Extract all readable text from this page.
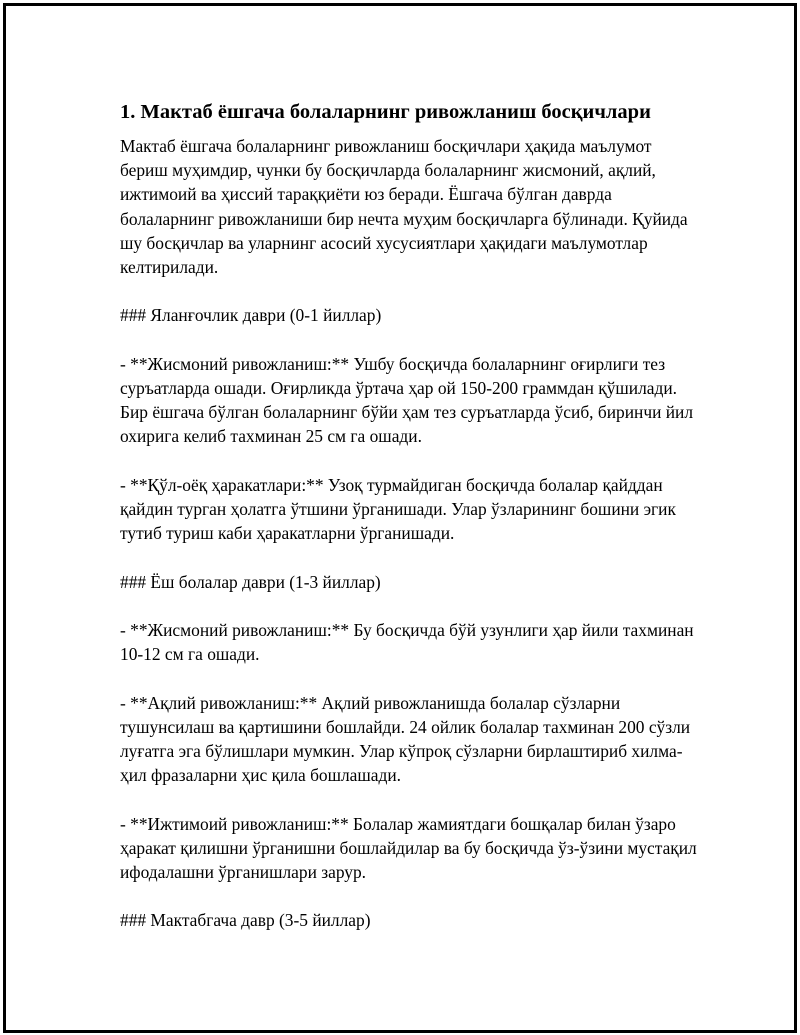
1. Мактаб ёшгача болаларнинг ривожланиш босқичлари

Мактаб ёшгача болаларнинг ривожланиш босқичлари ҳақида маълумот бериш муҳимдир, чунки бу босқичларда болаларнинг жисмоний, ақлий, ижтимоий ва ҳиссий тараққиёти юз беради. Ёшгача бўлган даврда болаларнинг ривожланиши бир нечта муҳим босқичларга бўлинади. Қуйида шу босқичлар ва уларнинг асосий хусусиятлари ҳақидаги маълумотлар келтирилади.

### Яланғочлик даври (0-1 йиллар)

- **Жисмоний ривожланиш:** Ушбу босқичда болаларнинг оғирлиги тез суръатларда ошади. Оғирликда ўртача ҳар ой 150-200 граммдан қўшилади. Бир ёшгача бўлган болаларнинг бўйи ҳам тез суръатларда ўсиб, биринчи йил охирига келиб тахминан 25 см га ошади.

- **Қўл-оёқ ҳаракатлари:** Узоқ турмайдиган босқичда болалар қайддан қайдин турган ҳолатга ўтшини ўрганишади. Улар ўзларининг бошини эгик тутиб туриш каби ҳаракатларни ўрганишади.

### Ёш болалар даври (1-3 йиллар)

- **Жисмоний ривожланиш:** Бу босқичда бўй узунлиги ҳар йили тахминан 10-12 см га ошади.

- **Ақлий ривожланиш:** Ақлий ривожланишда болалар сўзларни тушунсилаш ва қартишини бошлайди. 24 ойлик болалар тахминан 200 сўзли луғатга эга бўлишлари мумкин. Улар кўпроқ сўзларни бирлаштириб хилма-ҳил фразаларни ҳис қила бошлашади.

- **Ижтимоий ривожланиш:** Болалар жамиятдаги бошқалар билан ўзаро ҳаракат қилишни ўрганишни бошлайдилар ва бу босқичда ўз-ўзини мустақил ифодалашни ўрганишлари зарур.

### Мактабгача давр (3-5 йиллар)
